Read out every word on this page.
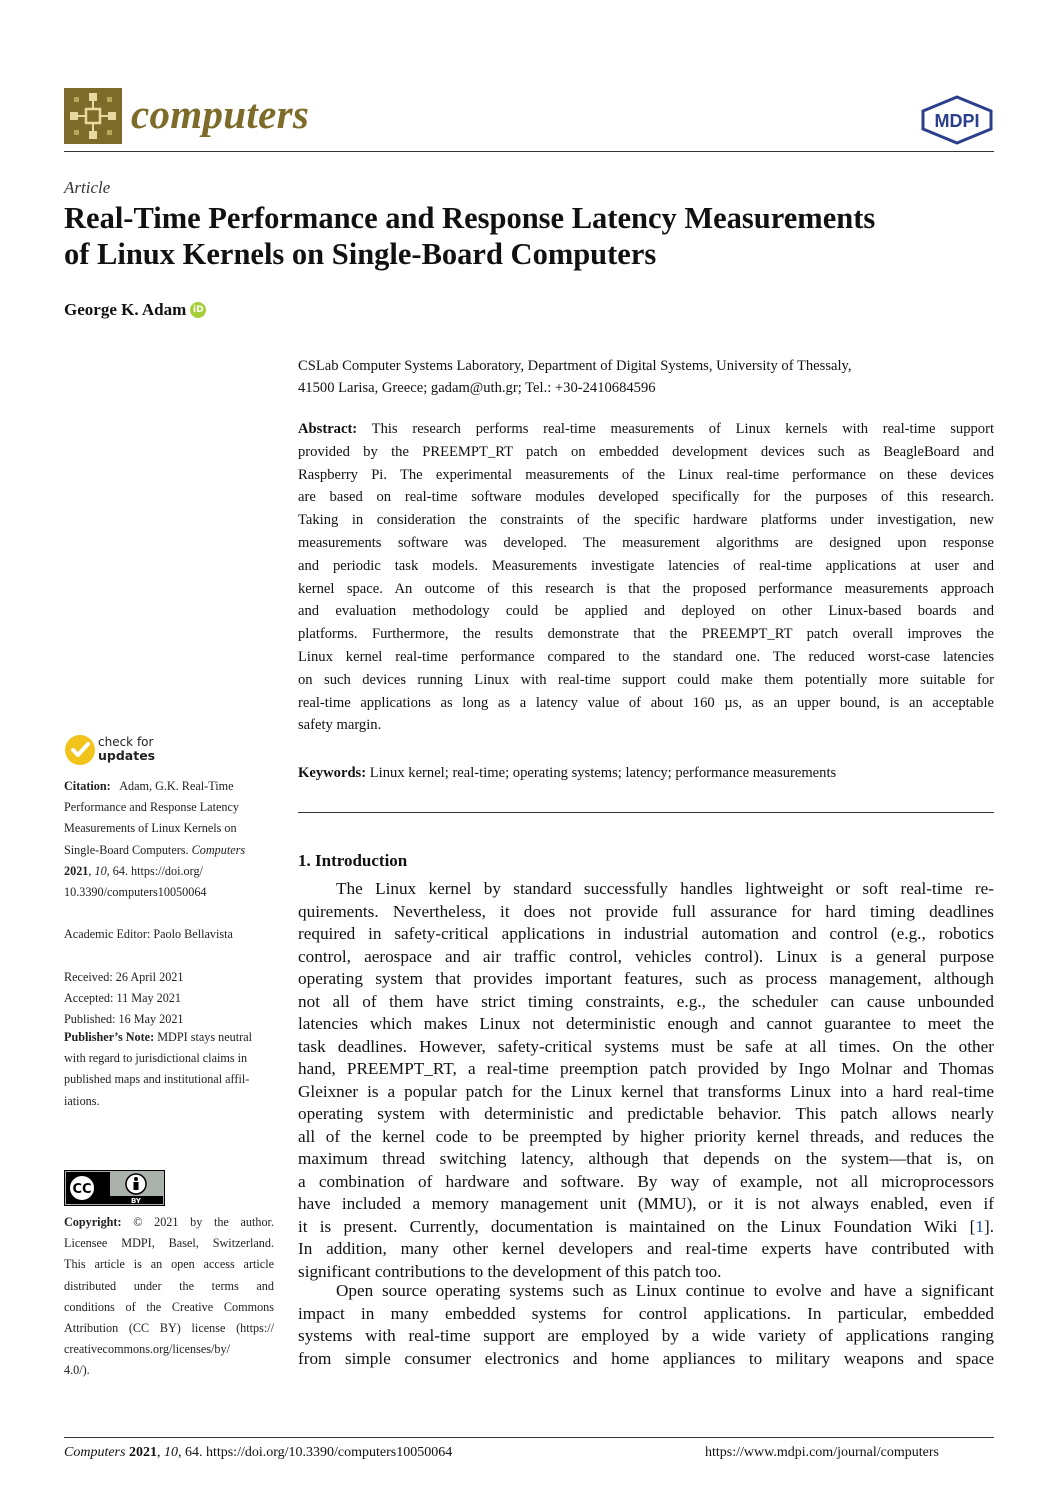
computers	MDPI
Article
Real-Time Performance and Response Latency Measurements
of Linux Kernels on Single-Board Computers
George K. Adam iD
CSLab Computer Systems Laboratory, Department of Digital Systems, University of Thessaly,
41500 Larisa, Greece; gadam@uth.gr; Tel.: +30-2410684596
Abstract: This research performs real-time measurements of Linux kernels with real-time support
provided by the PREEMPT_RT patch on embedded development devices such as BeagleBoard and
Raspberry Pi. The experimental measurements of the Linux real-time performance on these devices
are based on real-time software modules developed specifically for the purposes of this research.
Taking in consideration the constraints of the specific hardware platforms under investigation, new
measurements software was developed. The measurement algorithms are designed upon response
and periodic task models. Measurements investigate latencies of real-time applications at user and
kernel space. An outcome of this research is that the proposed performance measurements approach
and evaluation methodology could be applied and deployed on other Linux-based boards and
platforms. Furthermore, the results demonstrate that the PREEMPT_RT patch overall improves the
Linux kernel real-time performance compared to the standard one. The reduced worst-case latencies
on such devices running Linux with real-time support could make them potentially more suitable for
real-time applications as long as a latency value of about 160 µs, as an upper bound, is an acceptable
safety margin.
Keywords: Linux kernel; real-time; operating systems; latency; performance measurements
1. Introduction
The Linux kernel by standard successfully handles lightweight or soft real-time re-
quirements. Nevertheless, it does not provide full assurance for hard timing deadlines
required in safety-critical applications in industrial automation and control (e.g., robotics
control, aerospace and air traffic control, vehicles control). Linux is a general purpose
operating system that provides important features, such as process management, although
not all of them have strict timing constraints, e.g., the scheduler can cause unbounded
latencies which makes Linux not deterministic enough and cannot guarantee to meet the
task deadlines. However, safety-critical systems must be safe at all times. On the other
hand, PREEMPT_RT, a real-time preemption patch provided by Ingo Molnar and Thomas
Gleixner is a popular patch for the Linux kernel that transforms Linux into a hard real-time
operating system with deterministic and predictable behavior. This patch allows nearly
all of the kernel code to be preempted by higher priority kernel threads, and reduces the
maximum thread switching latency, although that depends on the system—that is, on
a combination of hardware and software. By way of example, not all microprocessors
have included a memory management unit (MMU), or it is not always enabled, even if
it is present. Currently, documentation is maintained on the Linux Foundation Wiki [1].
In addition, many other kernel developers and real-time experts have contributed with
significant contributions to the development of this patch too.
Open source operating systems such as Linux continue to evolve and have a significant
impact in many embedded systems for control applications. In particular, embedded
systems with real-time support are employed by a wide variety of applications ranging
from simple consumer electronics and home appliances to military weapons and space
check for
updates
Citation: Adam, G.K. Real-Time
Performance and Response Latency
Measurements of Linux Kernels on
Single-Board Computers. Computers
2021, 10, 64. https://doi.org/
10.3390/computers10050064
Academic Editor: Paolo Bellavista
Received: 26 April 2021
Accepted: 11 May 2021
Published: 16 May 2021
Publisher’s Note: MDPI stays neutral
with regard to jurisdictional claims in
published maps and institutional affil-
iations.
CC
BY
Copyright: © 2021 by the author.
Licensee MDPI, Basel, Switzerland.
This article is an open access article
distributed under the terms and
conditions of the Creative Commons
Attribution (CC BY) license (https://
creativecommons.org/licenses/by/
4.0/).
Computers 2021, 10, 64. https://doi.org/10.3390/computers10050064	https://www.mdpi.com/journal/computers
